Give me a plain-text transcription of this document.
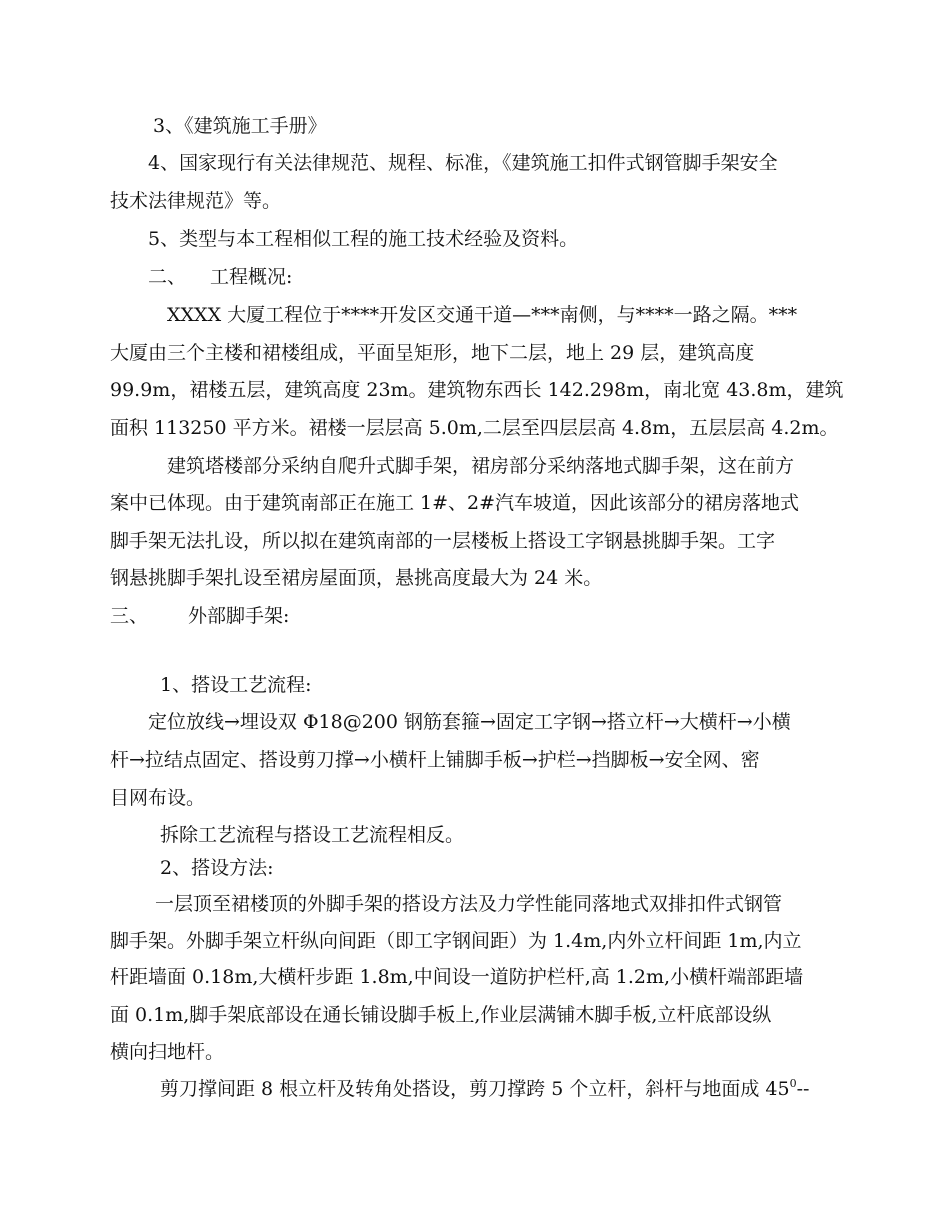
3、《建筑施工手册》
4、国家现行有关法律规范、规程、标准，《建筑施工扣件式钢管脚手架安全
技术法律规范》等。
5、类型与本工程相似工程的施工技术经验及资料。
二、 工程概况:
XXXX 大厦工程位于****开发区交通干道—***南侧，与****一路之隔。***
大厦由三个主楼和裙楼组成，平面呈矩形，地下二层，地上 29 层，建筑高度
99.9m，裙楼五层，建筑高度 23m。建筑物东西长 142.298m，南北宽 43.8m，建筑
面积 113250 平方米。裙楼一层层高 5.0m,二层至四层层高 4.8m，五层层高 4.2m。
建筑塔楼部分采纳自爬升式脚手架，裙房部分采纳落地式脚手架，这在前方
案中已体现。由于建筑南部正在施工 1#、2#汽车坡道，因此该部分的裙房落地式
脚手架无法扎设，所以拟在建筑南部的一层楼板上搭设工字钢悬挑脚手架。工字
钢悬挑脚手架扎设至裙房屋面顶，悬挑高度最大为 24 米。
三、 外部脚手架:
1、搭设工艺流程:
定位放线→埋设双 Φ18@200 钢筋套箍→固定工字钢→搭立杆→大横杆→小横
杆→拉结点固定、搭设剪刀撑→小横杆上铺脚手板→护栏→挡脚板→安全网、密
目网布设。
拆除工艺流程与搭设工艺流程相反。
2、搭设方法:
一层顶至裙楼顶的外脚手架的搭设方法及力学性能同落地式双排扣件式钢管
脚手架。外脚手架立杆纵向间距（即工字钢间距）为 1.4m,内外立杆间距 1m,内立
杆距墙面 0.18m,大横杆步距 1.8m,中间设一道防护栏杆,高 1.2m,小横杆端部距墙
面 0.1m,脚手架底部设在通长铺设脚手板上,作业层满铺木脚手板,立杆底部设纵
横向扫地杆。
剪刀撑间距 8 根立杆及转角处搭设，剪刀撑跨 5 个立杆，斜杆与地面成 $45^0--$
